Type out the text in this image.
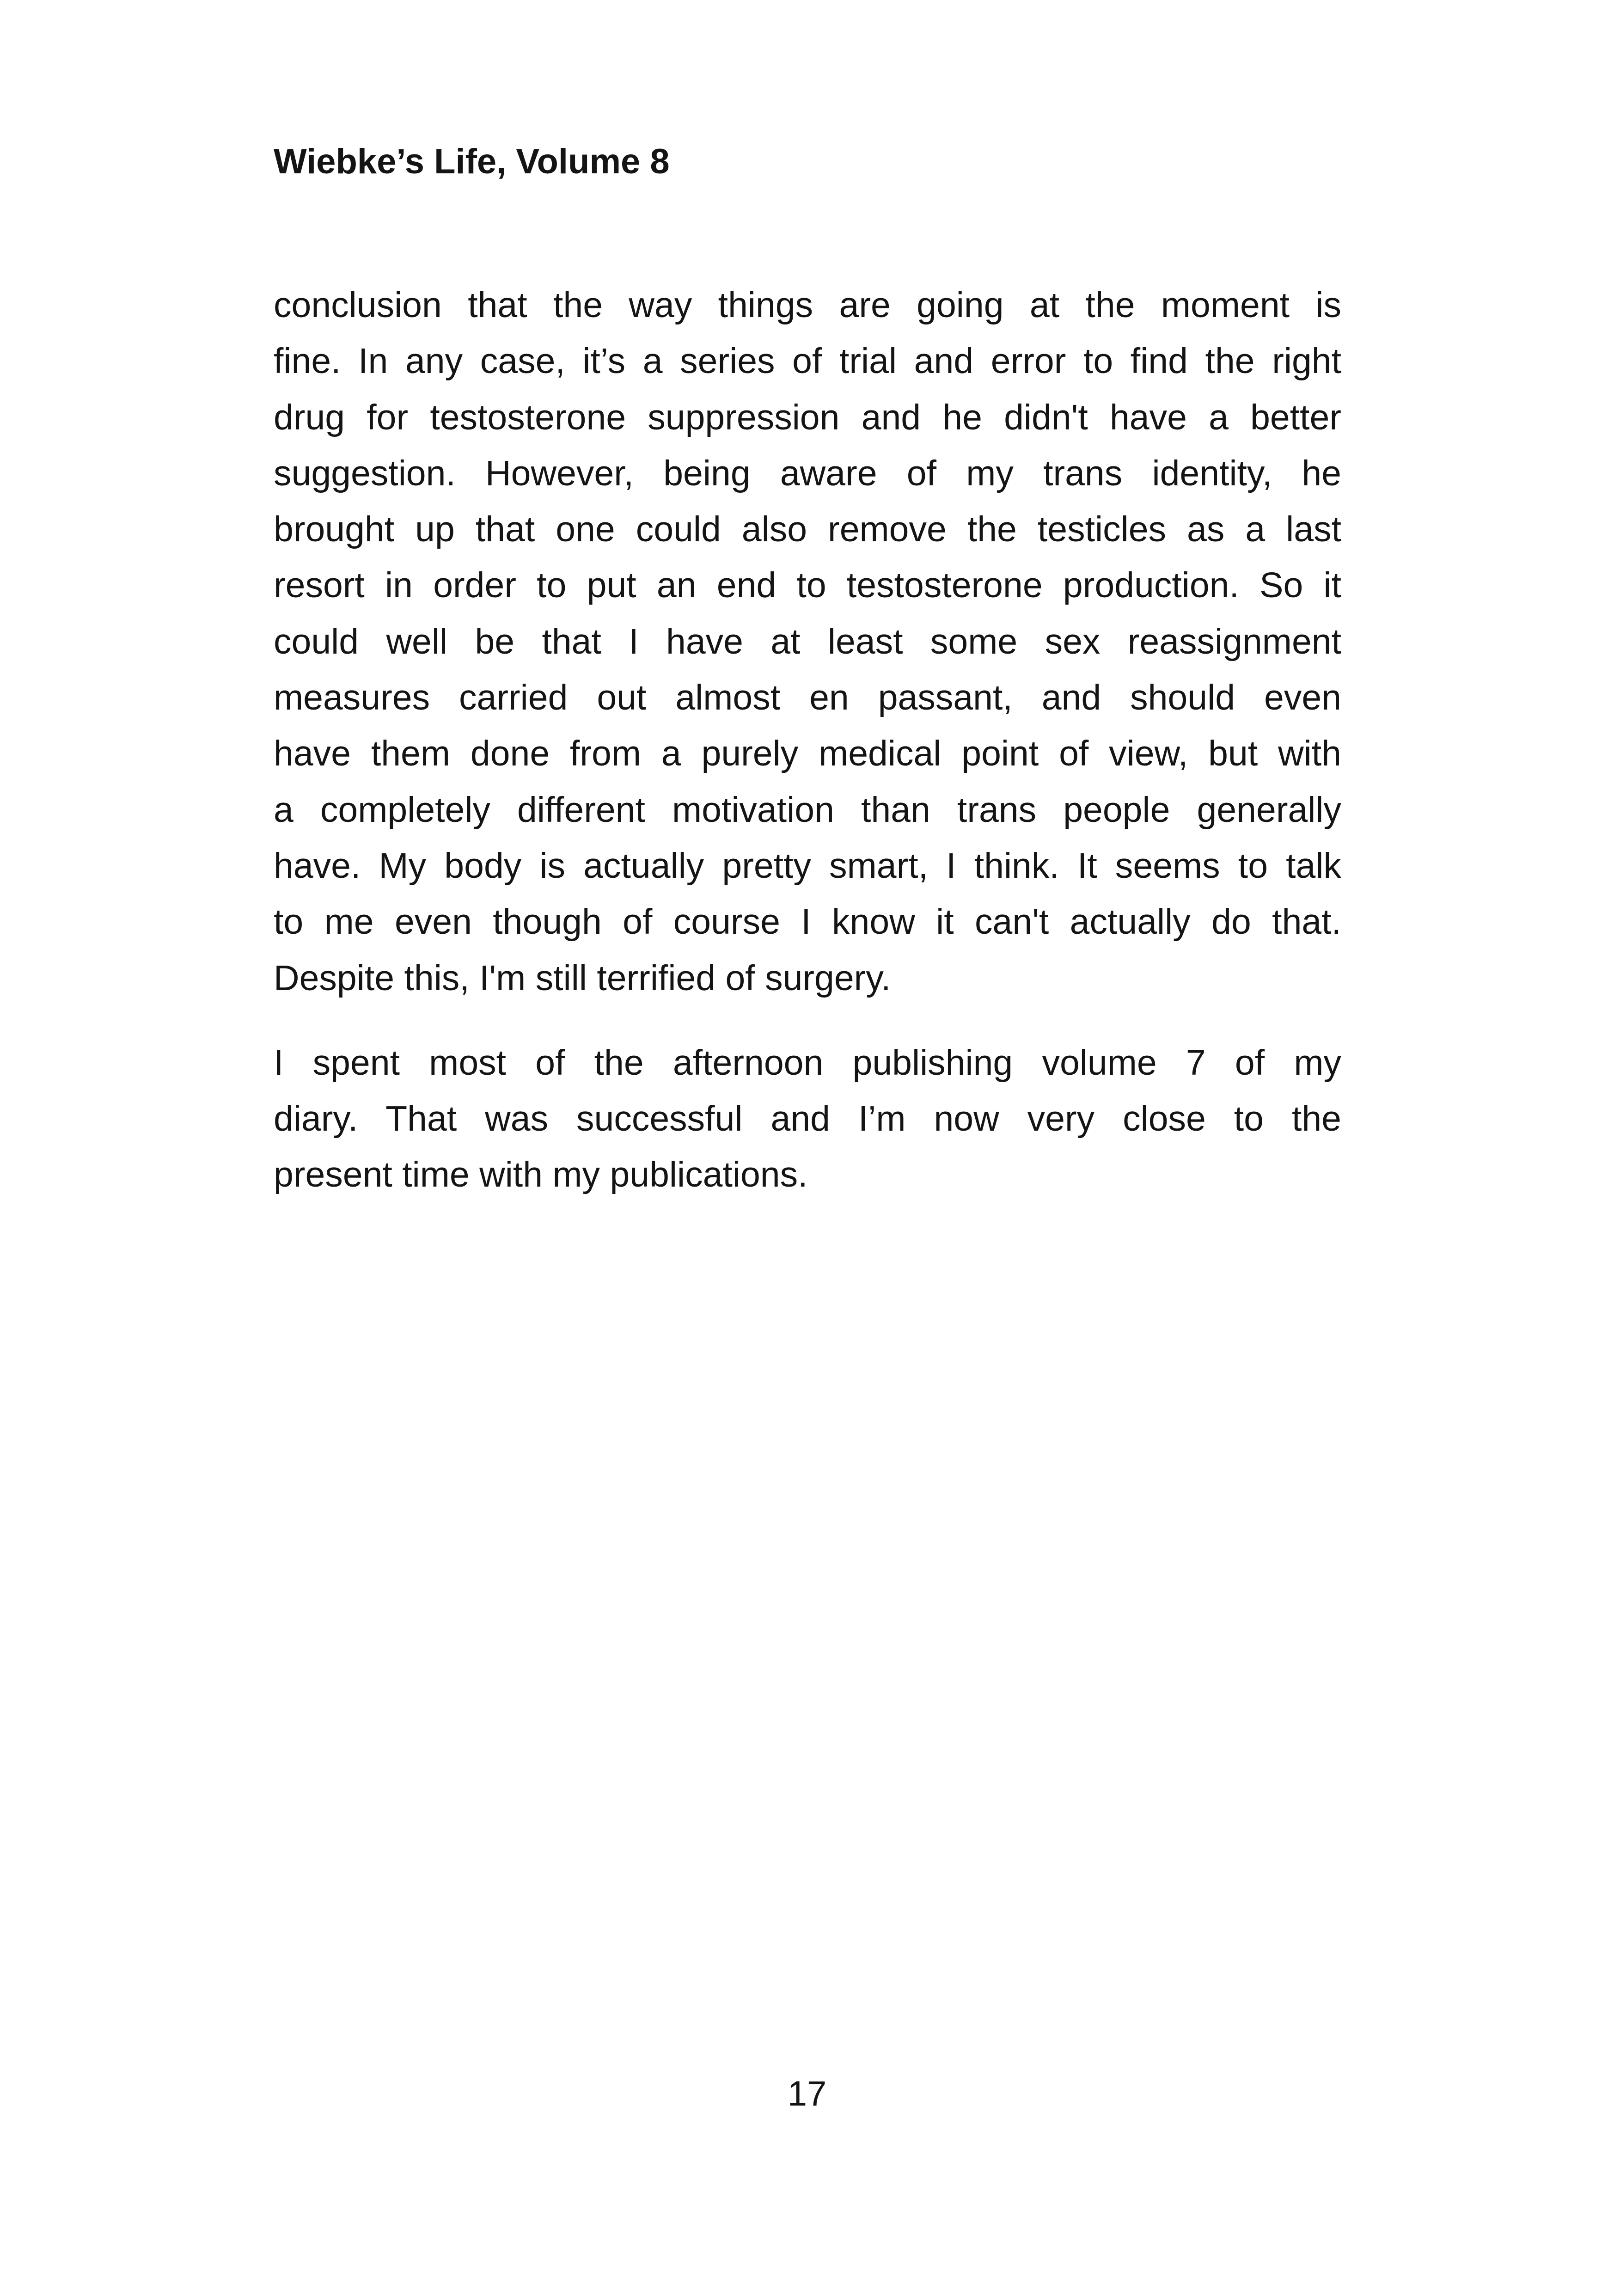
Wiebke’s Life, Volume 8
conclusion that the way things are going at the moment is
fine. In any case, it’s a series of trial and error to find the right
drug for testosterone suppression and he didn't have a better
suggestion. However, being aware of my trans identity, he
brought up that one could also remove the testicles as a last
resort in order to put an end to testosterone production. So it
could well be that I have at least some sex reassignment
measures carried out almost en passant, and should even
have them done from a purely medical point of view, but with
a completely different motivation than trans people generally
have. My body is actually pretty smart, I think. It seems to talk
to me even though of course I know it can't actually do that.
Despite this, I'm still terrified of surgery.
I spent most of the afternoon publishing volume 7 of my
diary. That was successful and I’m now very close to the
present time with my publications.
17
